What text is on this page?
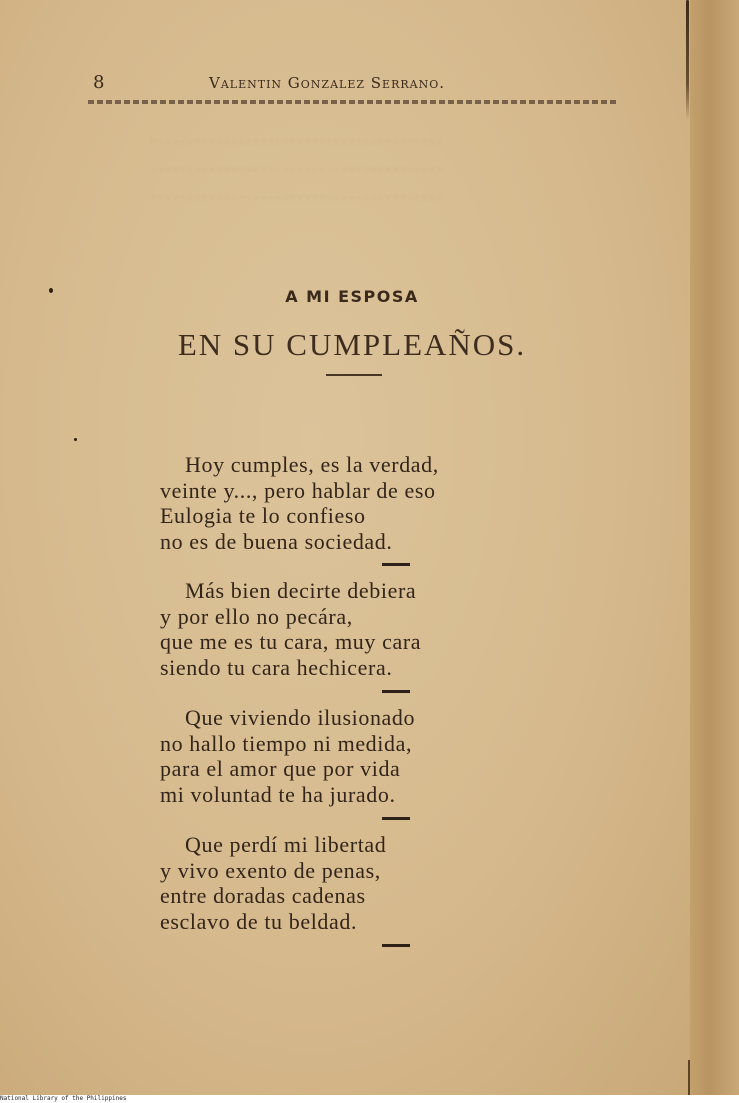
········································
········································
········································
8	Valentin Gonzalez Serrano.
A MI ESPOSA
EN SU CUMPLEAÑOS.
Hoy cumples, es la verdad,
veinte y..., pero hablar de eso
Eulogia te lo confieso
no es de buena sociedad.
Más bien decirte debiera
y por ello no pecára,
que me es tu cara, muy cara
siendo tu cara hechicera.
Que viviendo ilusionado
no hallo tiempo ni medida,
para el amor que por vida
mi voluntad te ha jurado.
Que perdí mi libertad
y vivo exento de penas,
entre doradas cadenas
esclavo de tu beldad.
National Library of the Philippines
